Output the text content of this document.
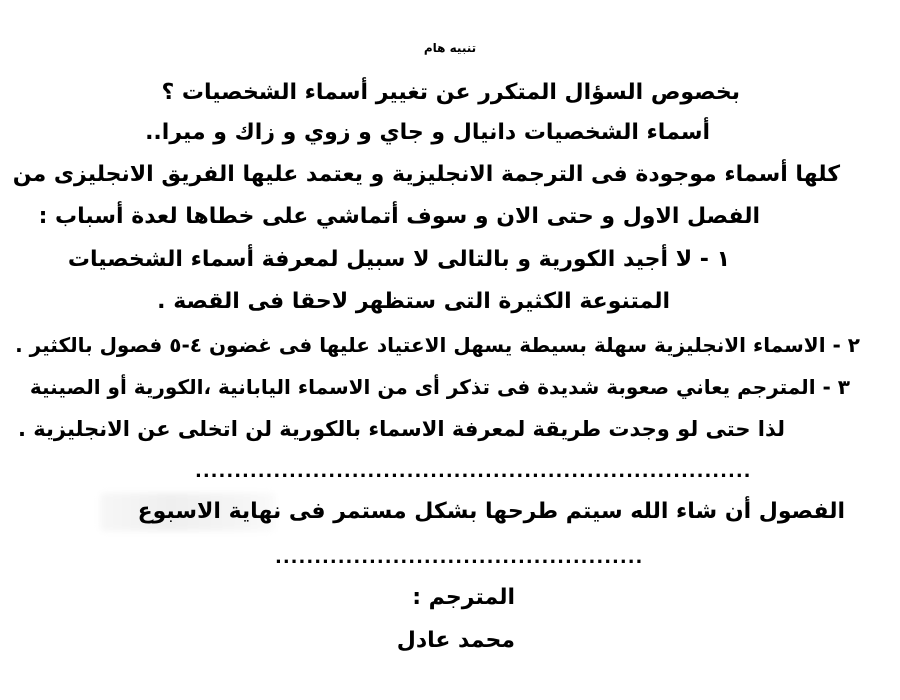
تنبيه هام
بخصوص السؤال المتكرر عن تغيير أسماء الشخصيات ؟
أسماء الشخصيات دانيال و جاي و زوي و زاك و ميرا..
كلها أسماء موجودة فى الترجمة الانجليزية و يعتمد عليها الفريق الانجليزى من
الفصل الاول و حتى الان و سوف أتماشي على خطاها لعدة أسباب :
١ - لا أجيد الكورية و بالتالى لا سبيل لمعرفة أسماء الشخصيات
المتنوعة الكثيرة التى ستظهر لاحقا فى القصة .
٢ - الاسماء الانجليزية سهلة بسيطة يسهل الاعتياد عليها فى غضون ٤-٥ فصول بالكثير .
٣ - المترجم يعاني صعوبة شديدة فى تذكر أى من الاسماء اليابانية ،الكورية أو الصينية
لذا حتى لو وجدت طريقة لمعرفة الاسماء بالكورية لن اتخلى عن الانجليزية .
.......................................................................
الفصول أن شاء الله سيتم طرحها بشكل مستمر فى نهاية الاسبوع
...............................................
المترجم :
محمد عادل
